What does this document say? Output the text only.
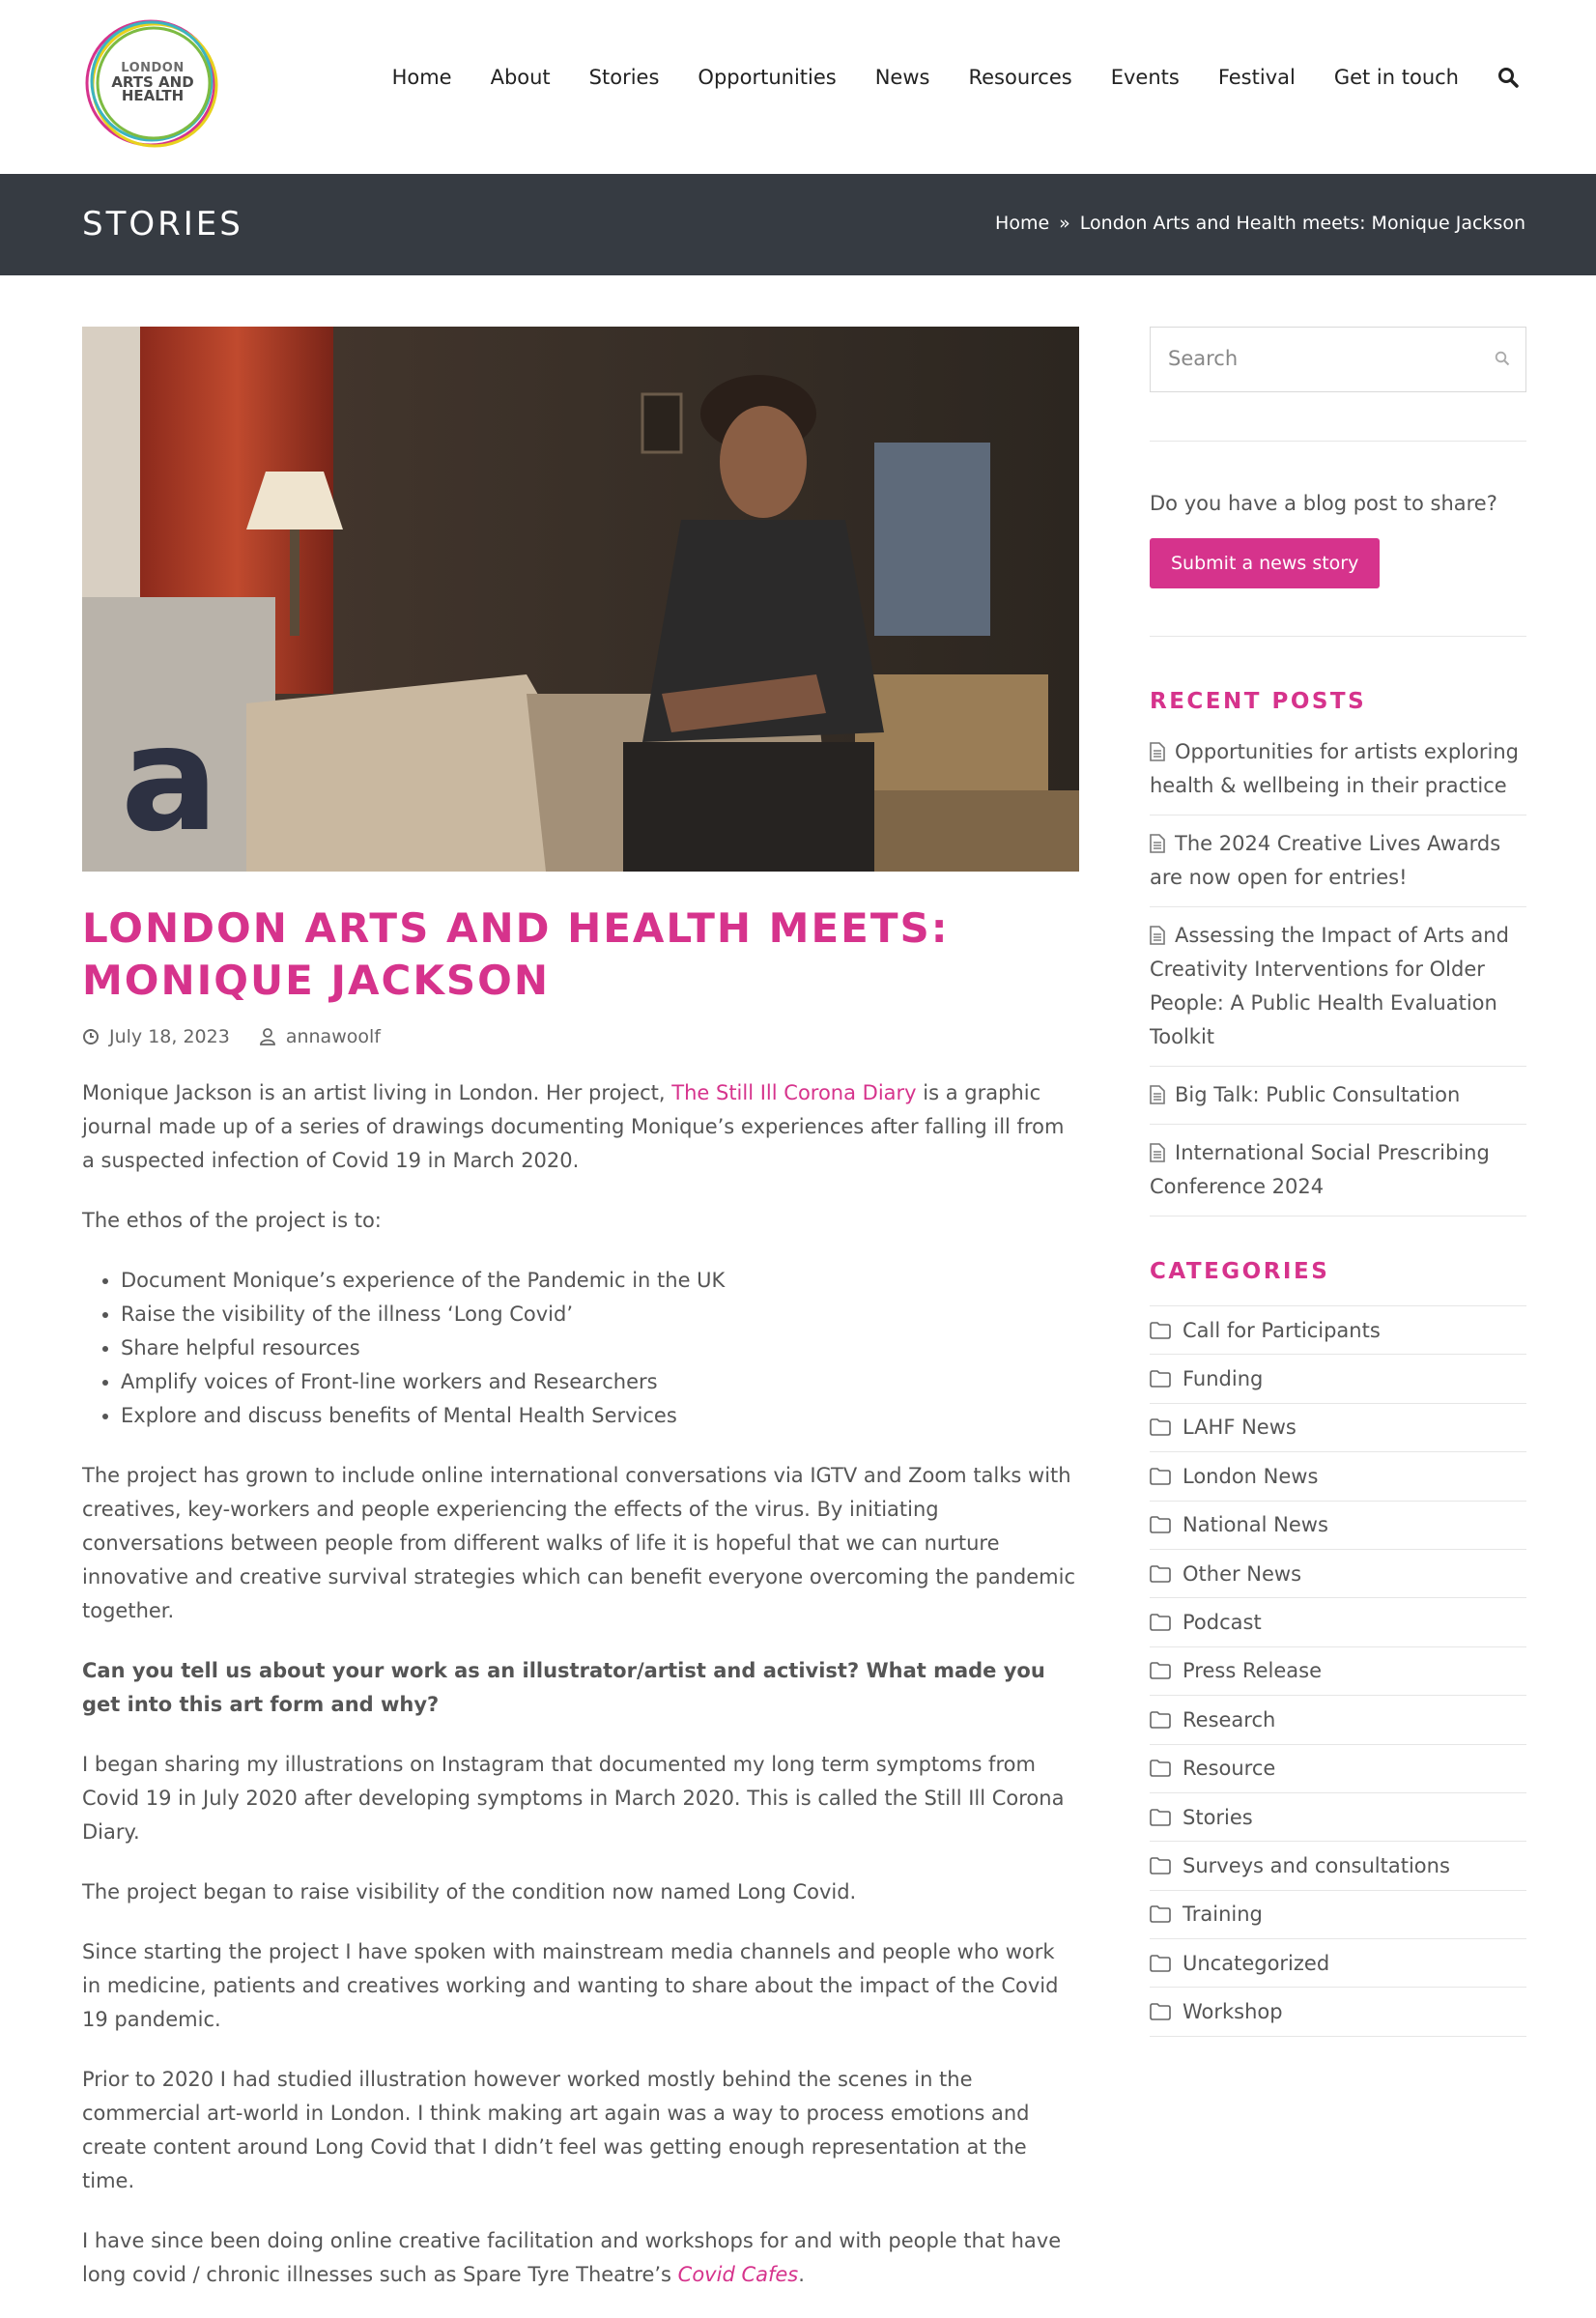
LONDON
ARTS AND
HEALTH
Home About Stories Opportunities News Resources Events Festival Get in touch
STORIES	Home » London Arts and Health meets: Monique Jackson
a
LONDON ARTS AND HEALTH MEETS: MONIQUE JACKSON
July 18, 2023	annawoolf

Monique Jackson is an artist living in London. Her project, The Still Ill Corona Diary is a graphic journal made up of a series of drawings documenting Monique’s experiences after falling ill from a suspected infection of Covid 19 in March 2020.

The ethos of the project is to:

• Document Monique’s experience of the Pandemic in the UK
• Raise the visibility of the illness ‘Long Covid’
• Share helpful resources
• Amplify voices of Front-line workers and Researchers
• Explore and discuss benefits of Mental Health Services

The project has grown to include online international conversations via IGTV and Zoom talks with creatives, key-workers and people experiencing the effects of the virus. By initiating conversations between people from different walks of life it is hopeful that we can nurture innovative and creative survival strategies which can benefit everyone overcoming the pandemic together.

Can you tell us about your work as an illustrator/artist and activist? What made you get into this art form and why?

I began sharing my illustrations on Instagram that documented my long term symptoms from Covid 19 in July 2020 after developing symptoms in March 2020. This is called the Still Ill Corona Diary.

The project began to raise visibility of the condition now named Long Covid.

Since starting the project I have spoken with mainstream media channels and people who work in medicine, patients and creatives working and wanting to share about the impact of the Covid 19 pandemic.

Prior to 2020 I had studied illustration however worked mostly behind the scenes in the commercial art-world in London. I think making art again was a way to process emotions and create content around Long Covid that I didn’t feel was getting enough representation at the time.

I have since been doing online creative facilitation and workshops for and with people that have long covid / chronic illnesses such as Spare Tyre Theatre’s Covid Cafes.

Search

Do you have a blog post to share?

Submit a news story
RECENT POSTS
Opportunities for artists exploring health & wellbeing in their practice
The 2024 Creative Lives Awards are now open for entries!
Assessing the Impact of Arts and Creativity Interventions for Older People: A Public Health Evaluation Toolkit
Big Talk: Public Consultation
International Social Prescribing Conference 2024
CATEGORIES
Call for Participants
Funding
LAHF News
London News
National News
Other News
Podcast
Press Release
Research
Resource
Stories
Surveys and consultations
Training
Uncategorized
Workshop
